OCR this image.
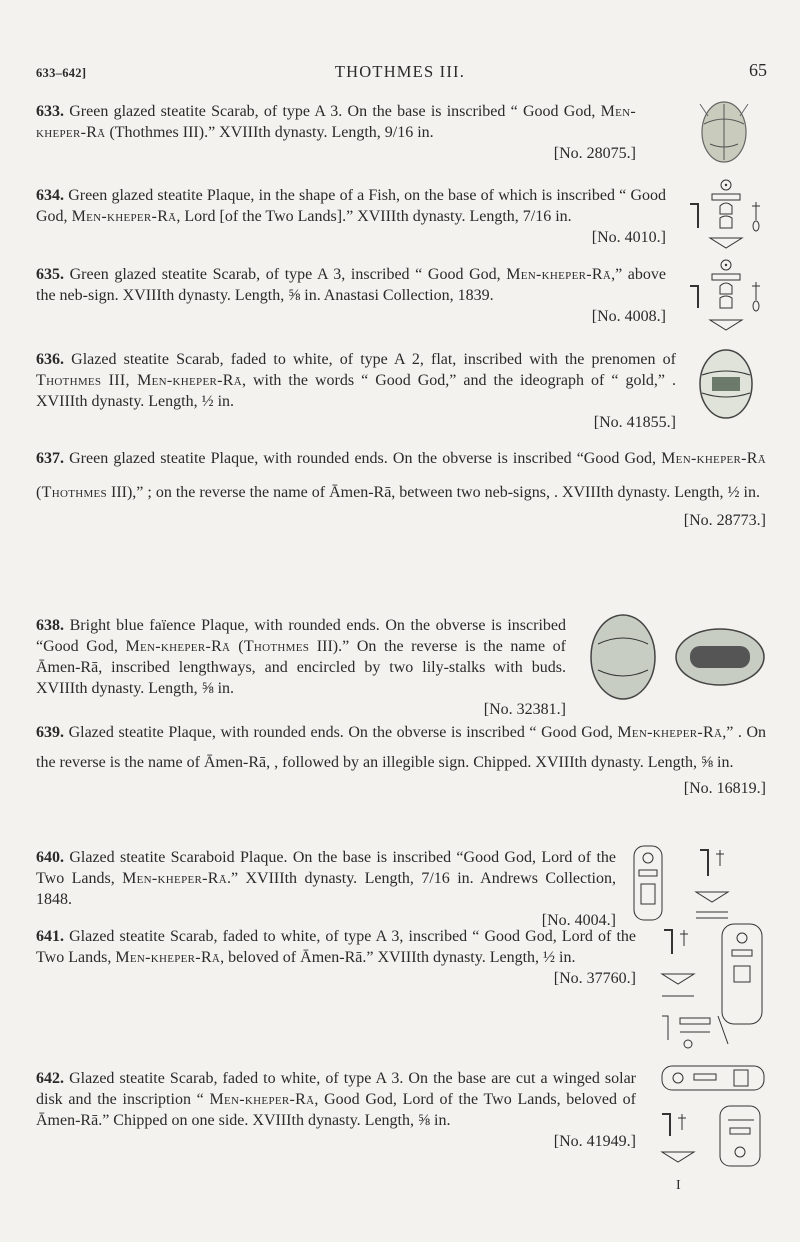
633–642]	THOTHMES III.	65
633. Green glazed steatite Scarab, of type A 3. On the base is inscribed “ Good God, Men-kheper-Rā (Thothmes III).” XVIIIth dynasty. Length, 9/16 in.
[No. 28075.]
634. Green glazed steatite Plaque, in the shape of a Fish, on the base of which is inscribed “ Good God, Men-kheper-Rā, Lord [of the Two Lands].” XVIIIth dynasty. Length, 7/16 in.
[No. 4010.]
635. Green glazed steatite Scarab, of type A 3, inscribed “ Good God, Men-kheper-Rā,” above the neb-sign. XVIIIth dynasty. Length, ⅝ in. Anastasi Collection, 1839.
[No. 4008.]
636. Glazed steatite Scarab, faded to white, of type A 2, flat, inscribed with the prenomen of Thothmes III, Men-kheper-Rā, with the words “ Good God,” and the ideograph of “ gold,” . XVIIIth dynasty. Length, ½ in.
[No. 41855.]
637. Green glazed steatite Plaque, with rounded ends. On the obverse is inscribed “Good God, Men-kheper-Rā (Thothmes III),” ; on the reverse the name of Āmen-Rā, between two neb-signs, . XVIIIth dynasty. Length, ½ in.
[No. 28773.]
638. Bright blue faïence Plaque, with rounded ends. On the obverse is inscribed “Good God, Men-kheper-Rā (Thothmes III).” On the reverse is the name of Āmen-Rā, inscribed lengthways, and encircled by two lily-stalks with buds. XVIIIth dynasty. Length, ⅝ in.
[No. 32381.]
639. Glazed steatite Plaque, with rounded ends. On the obverse is inscribed “ Good God, Men-kheper-Rā,” . On the reverse is the name of Āmen-Rā, , followed by an illegible sign. Chipped. XVIIIth dynasty. Length, ⅝ in.
[No. 16819.]
640. Glazed steatite Scaraboid Plaque. On the base is inscribed “Good God, Lord of the Two Lands, Men-kheper-Rā.” XVIIIth dynasty. Length, 7/16 in. Andrews Collection, 1848.
[No. 4004.]
641. Glazed steatite Scarab, faded to white, of type A 3, inscribed “ Good God, Lord of the Two Lands, Men-kheper-Rā, beloved of Āmen-Rā.” XVIIIth dynasty. Length, ½ in.
[No. 37760.]
642. Glazed steatite Scarab, faded to white, of type A 3. On the base are cut a winged solar disk and the inscription “ Men-kheper-Rā, Good God, Lord of the Two Lands, beloved of Āmen-Rā.” Chipped on one side. XVIIIth dynasty. Length, ⅝ in.
[No. 41949.]
I
